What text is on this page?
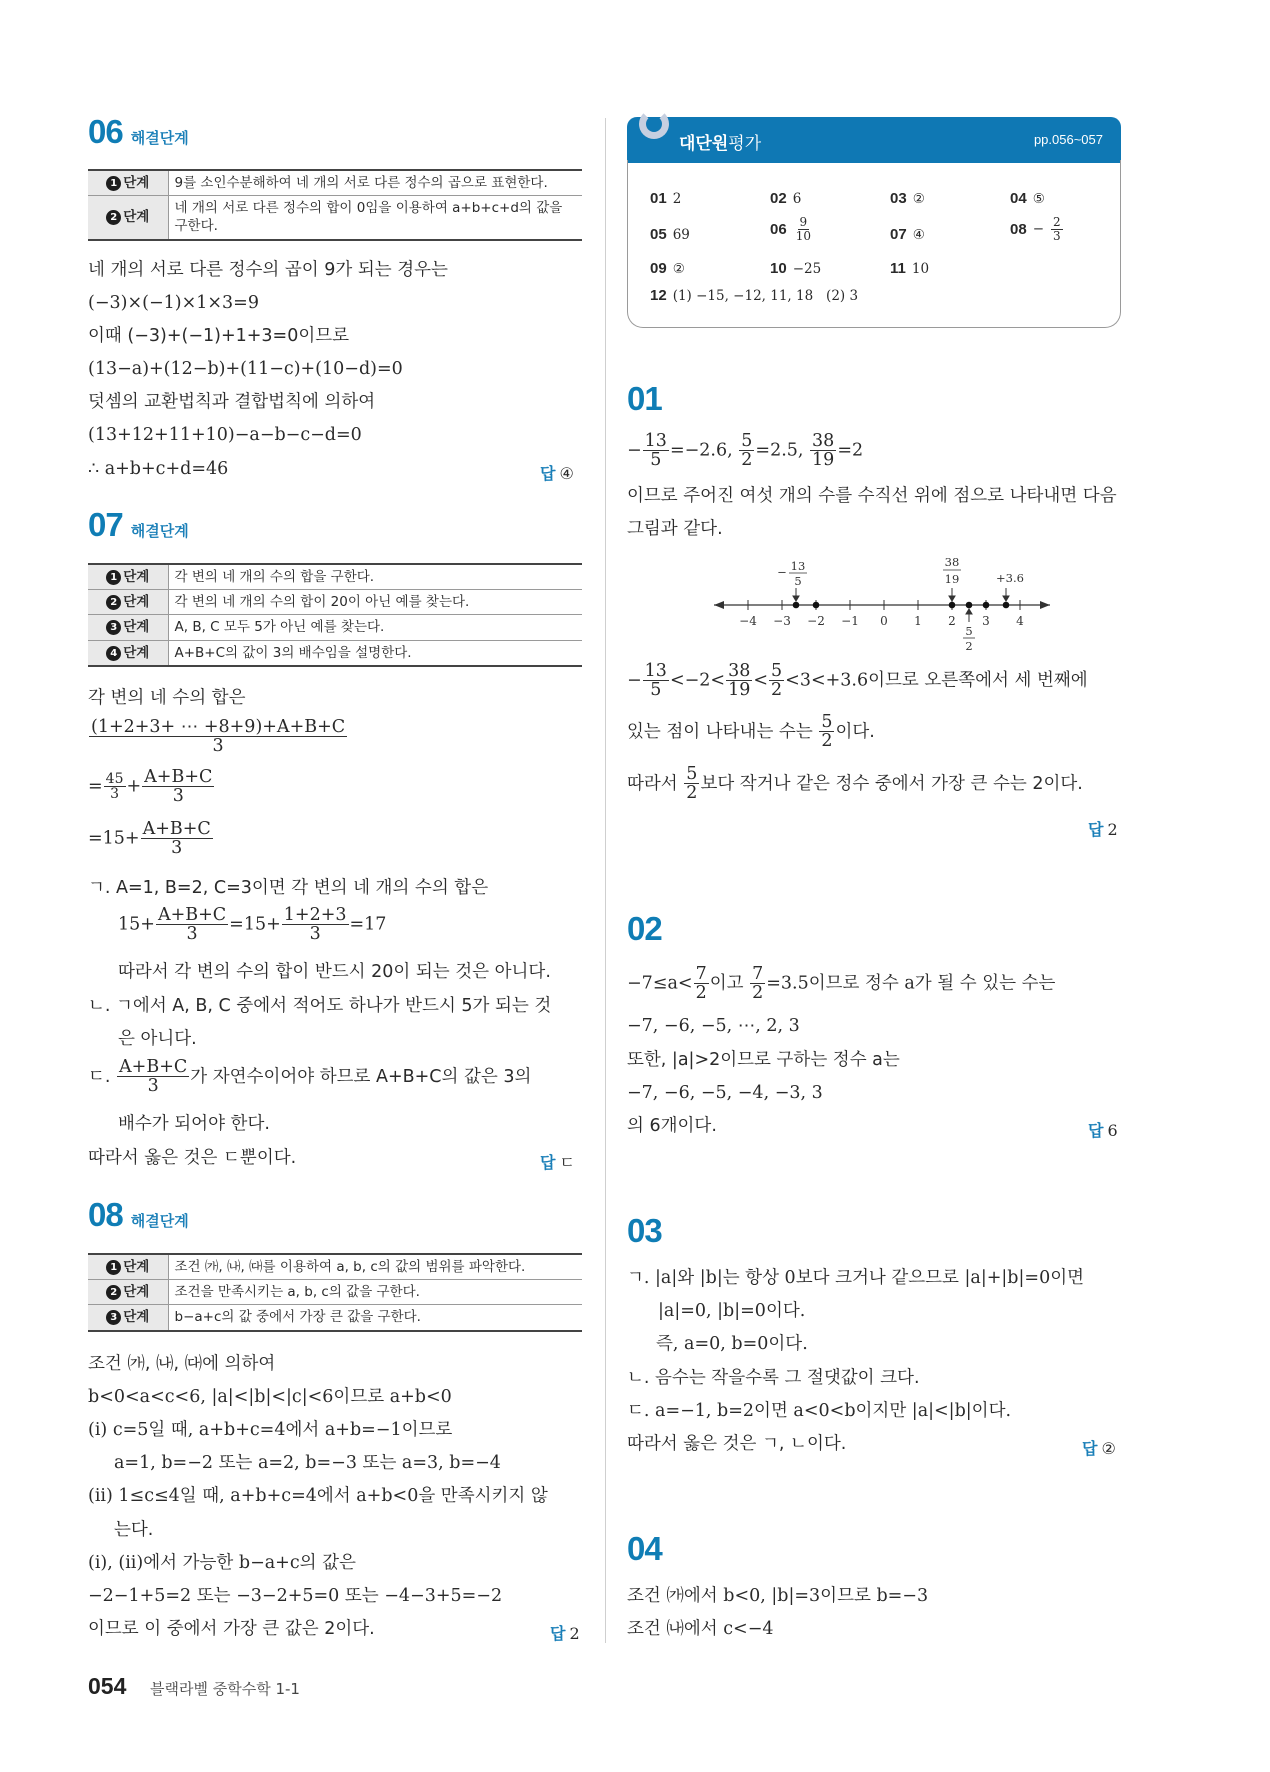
06 해결단계
1 단계	9를 소인수분해하여 네 개의 서로 다른 정수의 곱으로 표현한다.
2 단계	네 개의 서로 다른 정수의 합이 0임을 이용하여 a+b+c+d의 값을 구한다.
네 개의 서로 다른 정수의 곱이 9가 되는 경우는
(−3)×(−1)×1×3=9
이때 (−3)+(−1)+1+3=0이므로
(13−a)+(12−b)+(11−c)+(10−d)=0
덧셈의 교환법칙과 결합법칙에 의하여
(13+12+11+10)−a−b−c−d=0
∴ a+b+c+d=46	답 ④
07 해결단계
1 단계	각 변의 네 개의 수의 합을 구한다.
2 단계	각 변의 네 개의 수의 합이 20이 아닌 예를 찾는다.
3 단계	A, B, C 모두 5가 아닌 예를 찾는다.
4 단계	A+B+C의 값이 3의 배수임을 설명한다.
각 변의 네 수의 합은
$\frac{(1+2+3+ \cdots +8+9)+A+B+C}{3}$
= $\frac{45}{3} + \frac{A+B+C}{3}$
$=15+ \frac{A+B+C}{3}$
ㄱ. A=1, B=2, C=3이면 각 변의 네 개의 수의 합은
$15+ \frac{A+B+C}{3} =15+ \frac{1+2+3}{3} =17$
따라서 각 변의 수의 합이 반드시 20이 되는 것은 아니다.
ㄴ. ㄱ에서 A, B, C 중에서 적어도 하나가 반드시 5가 되는 것
은 아니다.
ㄷ. $\frac{A+B+C}{3}$ 가 자연수이어야 하므로 A+B+C의 값은 3의
배수가 되어야 한다.
따라서 옳은 것은 ㄷ뿐이다.	답 ㄷ
08 해결단계
1 단계	조건 ㈎, ㈏, ㈐를 이용하여 a, b, c의 값의 범위를 파악한다.
2 단계	조건을 만족시키는 a, b, c의 값을 구한다.
3 단계	b−a+c의 값 중에서 가장 큰 값을 구한다.
조건 ㈎, ㈏, ㈐에 의하여
b<0<a<c<6, |a|<|b|<|c|<6이므로 a+b<0
(i) c=5일 때, a+b+c=4에서 a+b=−1이므로
a=1, b=−2 또는 a=2, b=−3 또는 a=3, b=−4
(ii) 1≤c≤4일 때, a+b+c=4에서 a+b<0을 만족시키지 않
는다.
(i), (ii)에서 가능한 b−a+c의 값은
−2−1+5=2 또는 −3−2+5=0 또는 −4−3+5=−2
이므로 이 중에서 가장 큰 값은 2이다.	답 2
대단원평가	pp.056~057
01 2	02 6	03 ②	04 ⑤
05 69	$06 \frac{9}{10}$	07 ④	$08 - \frac{2}{3}$
09 ②	10 −25	11 10
12 (1) −15, −12, 11, 18   (2) 3
01
− $\frac{13}{5} =-2.6$, $\frac{5}{2} =2.5$, $\frac{38}{19} =2$
이므로 주어진 여섯 개의 수를 수직선 위에 점으로 나타내면 다음
그림과 같다.
−4 −3 −2 −1 0 1 2 3 4
− 13
5
38
19	+3.6
5
2
− $\frac{13}{5} <-2< \frac{38}{19} < \frac{5}{2} <3<+3.6$이므로 오른쪽에서 세 번째에
있는 점이 나타내는 수는 $\frac{5}{2}$ 이다.
따라서 $\frac{5}{2}$ 보다 작거나 같은 정수 중에서 가장 큰 수는 2이다.
답 2
02
$-7\le a< \frac{7}{2}$ 이고 $\frac{7}{2} =3.5$이므로 정수 a가 될 수 있는 수는
−7, −6, −5, ⋯, 2, 3
또한, |a|>2이므로 구하는 정수 a는
−7, −6, −5, −4, −3, 3
의 6개이다.	답 6
03
ㄱ. |a|와 |b|는 항상 0보다 크거나 같으므로 |a|+|b|=0이면
|a|=0, |b|=0이다.
즉, a=0, b=0이다.
ㄴ. 음수는 작을수록 그 절댓값이 크다.
ㄷ. a=−1, b=2이면 a<0<b이지만 |a|<|b|이다.
따라서 옳은 것은 ㄱ, ㄴ이다.	답 ②
04
조건 ㈎에서 b<0, |b|=3이므로 b=−3
조건 ㈏에서 c<−4
054 블랙라벨 중학수학 1-1
